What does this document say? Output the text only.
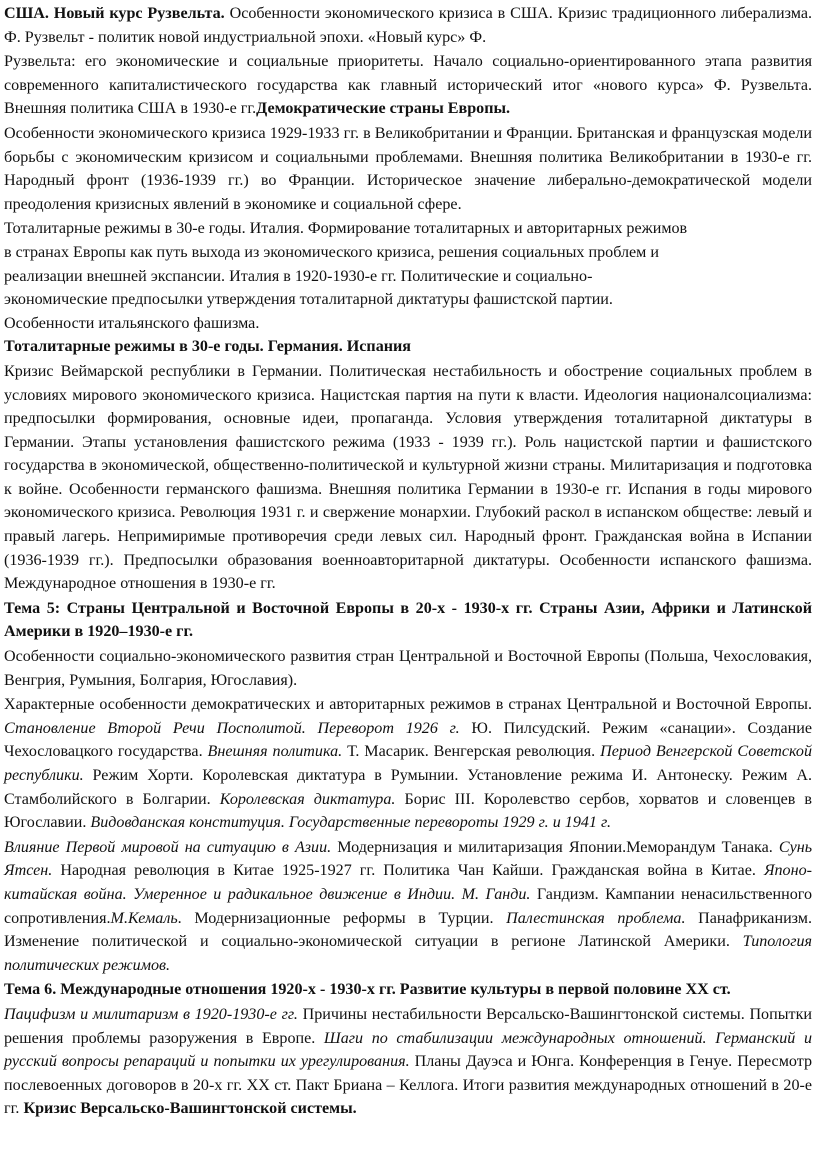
США. Новый курс Рузвельта. Особенности экономического кризиса в США. Кризис традиционного либерализма. Ф. Рузвельт - политик новой индустриальной эпохи. «Новый курс» Ф.

Рузвельта: его экономические и социальные приоритеты. Начало социально-ориентированного этапа развития современного капиталистического государства как главный исторический итог «нового курса» Ф. Рузвельта. Внешняя политика США в 1930-е гг.Демократические страны Европы.

Особенности экономического кризиса 1929-1933 гг. в Великобритании и Франции. Британская и французская модели борьбы с экономическим кризисом и социальными проблемами. Внешняя политика Великобритании в 1930-е гг. Народный фронт (1936-1939 гг.) во Франции. Историческое значение либерально-демократической модели преодоления кризисных явлений в экономике и социальной сфере.

Тоталитарные режимы в 30-е годы. Италия. Формирование тоталитарных и авторитарных режимов

в странах Европы как путь выхода из экономического кризиса, решения социальных проблем и

реализации внешней экспансии. Италия в 1920-1930-е гг. Политические и социально-

экономические предпосылки утверждения тоталитарной диктатуры фашистской партии.

Особенности итальянского фашизма.

Тоталитарные режимы в 30-е годы. Германия. Испания

Кризис Веймарской республики в Германии. Политическая нестабильность и обострение социальных проблем в условиях мирового экономического кризиса. Нацистская партия на пути к власти. Идеология националсоциализма: предпосылки формирования, основные идеи, пропаганда. Условия утверждения тоталитарной диктатуры в Германии. Этапы установления фашистского режима (1933 - 1939 гг.). Роль нацистской партии и фашистского государства в экономической, общественно-политической и культурной жизни страны. Милитаризация и подготовка к войне. Особенности германского фашизма. Внешняя политика Германии в 1930-е гг. Испания в годы мирового экономического кризиса. Революция 1931 г. и свержение монархии. Глубокий раскол в испанском обществе: левый и правый лагерь. Непримиримые противоречия среди левых сил. Народный фронт. Гражданская война в Испании (1936-1939 гг.). Предпосылки образования военноавторитарной диктатуры. Особенности испанского фашизма. Международное отношения в 1930-е гг.

Тема 5: Страны Центральной и Восточной Европы в 20-х - 1930-х гг. Страны Азии, Африки и Латинской Америки в 1920–1930-е гг.

Особенности социально-экономического развития стран Центральной и Восточной Европы (Польша, Чехословакия, Венгрия, Румыния, Болгария, Югославия).

Характерные особенности демократических и авторитарных режимов в странах Центральной и Восточной Европы. Становление Второй Речи Посполитой. Переворот 1926 г. Ю. Пилсудский. Режим «санации». Создание Чехословацкого государства. Внешняя политика. Т. Масарик. Венгерская революция. Период Венгерской Советской республики. Режим Хорти. Королевская диктатура в Румынии. Установление режима И. Антонеску. Режим А. Стамболийского в Болгарии. Королевская диктатура. Борис III. Королевство сербов, хорватов и словенцев в Югославии. Видовданская конституция. Государственные перевороты 1929 г. и 1941 г.

Влияние Первой мировой на ситуацию в Азии. Модернизация и милитаризация Японии.Меморандум Танака. Сунь Ятсен. Народная революция в Китае 1925-1927 гг. Политика Чан Кайши. Гражданская война в Китае. Японо-китайская война. Умеренное и радикальное движение в Индии. М. Ганди. Гандизм. Кампании ненасильственного сопротивления.М.Кемаль. Модернизационные реформы в Турции. Палестинская проблема. Панафриканизм. Изменение политической и социально-экономической ситуации в регионе Латинской Америки. Типология политических режимов.

Тема 6. Международные отношения 1920-х - 1930-х гг. Развитие культуры в первой половине XX ст.

Пацифизм и милитаризм в 1920-1930-е гг. Причины нестабильности Версальско-Вашингтонской системы. Попытки решения проблемы разоружения в Европе. Шаги по стабилизации международных отношений. Германский и русский вопросы репараций и попытки их урегулирования. Планы Дауэса и Юнга. Конференция в Генуе. Пересмотр послевоенных договоров в 20-х гг. XX ст. Пакт Бриана – Келлога. Итоги развития международных отношений в 20-е гг. Кризис Версальско-Вашингтонской системы.
